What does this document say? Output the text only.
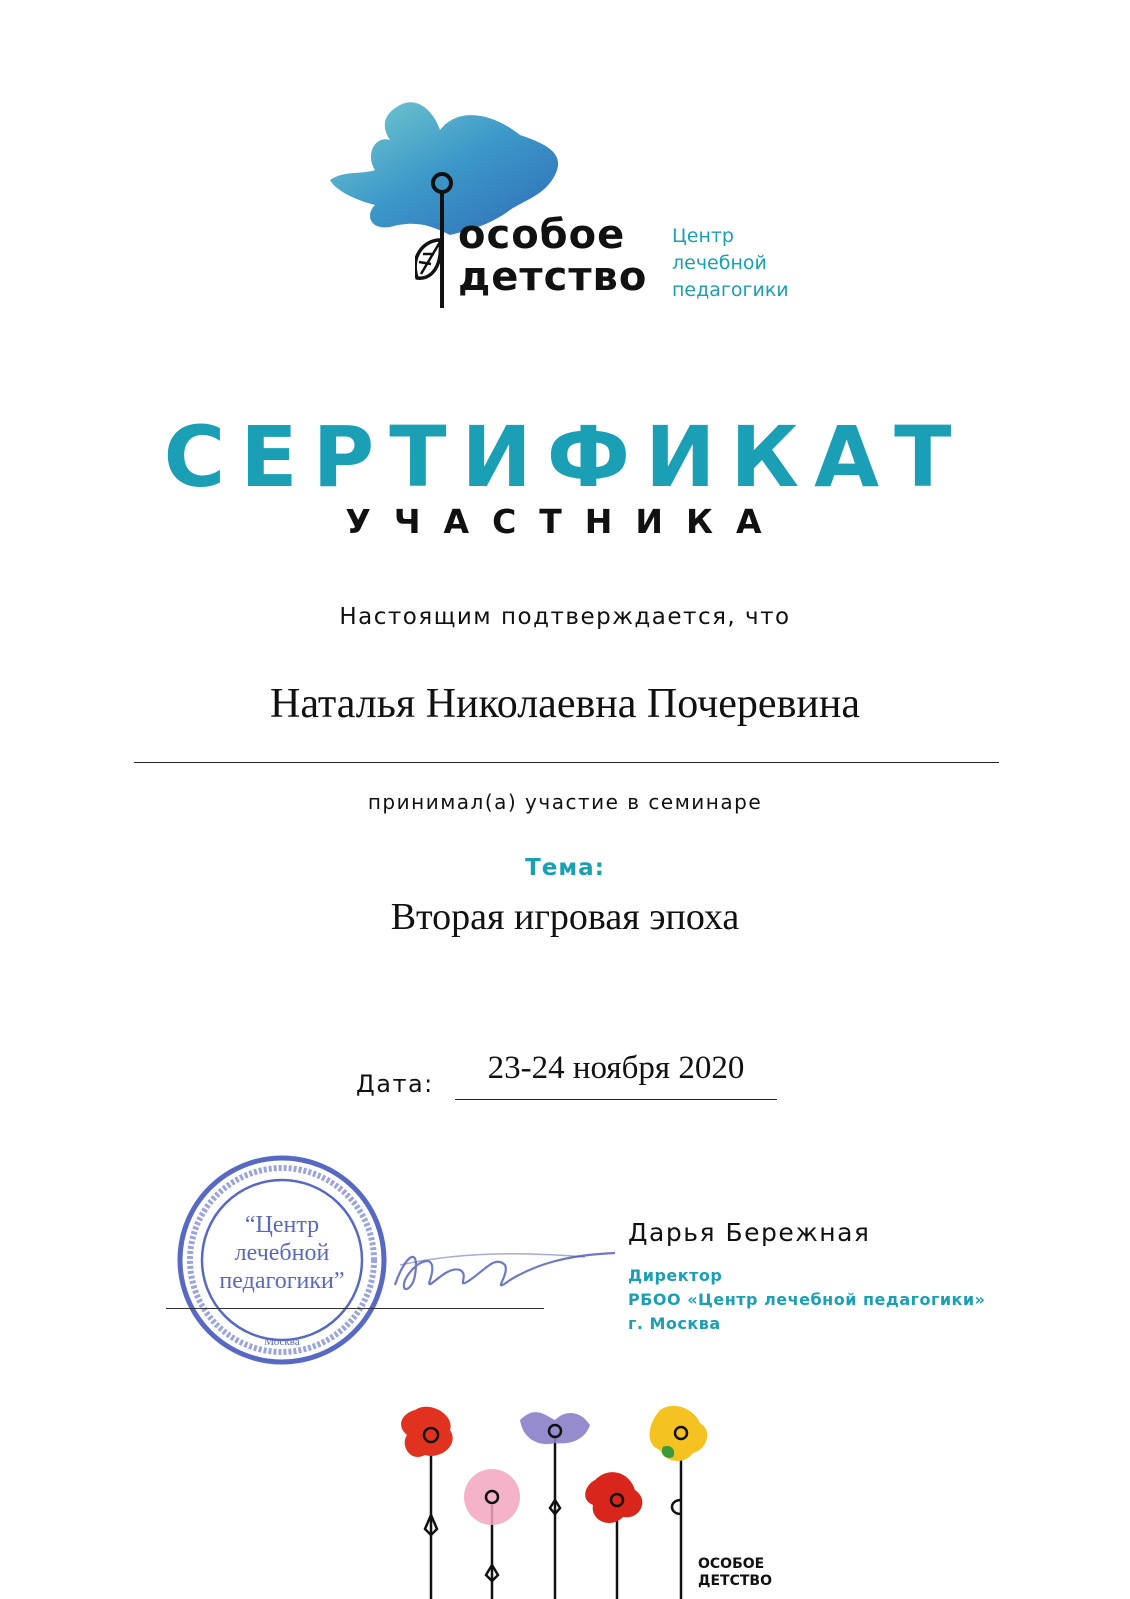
особое
детство
Центр
лечебной
педагогики
СЕРТИФИКАТ
УЧАСТНИКА
Настоящим подтверждается, что
Наталья Николаевна Почеревина
принимал(а) участие в семинаре
Тема:
Вторая игровая эпоха
Дата:	23-24 ноября 2020
“Центр
лечебной
педагогики”
Москва
Дарья Бережная
Директор
РБОО «Центр лечебной педагогики»
г. Москва
ОСОБОЕ
ДЕТСТВО
